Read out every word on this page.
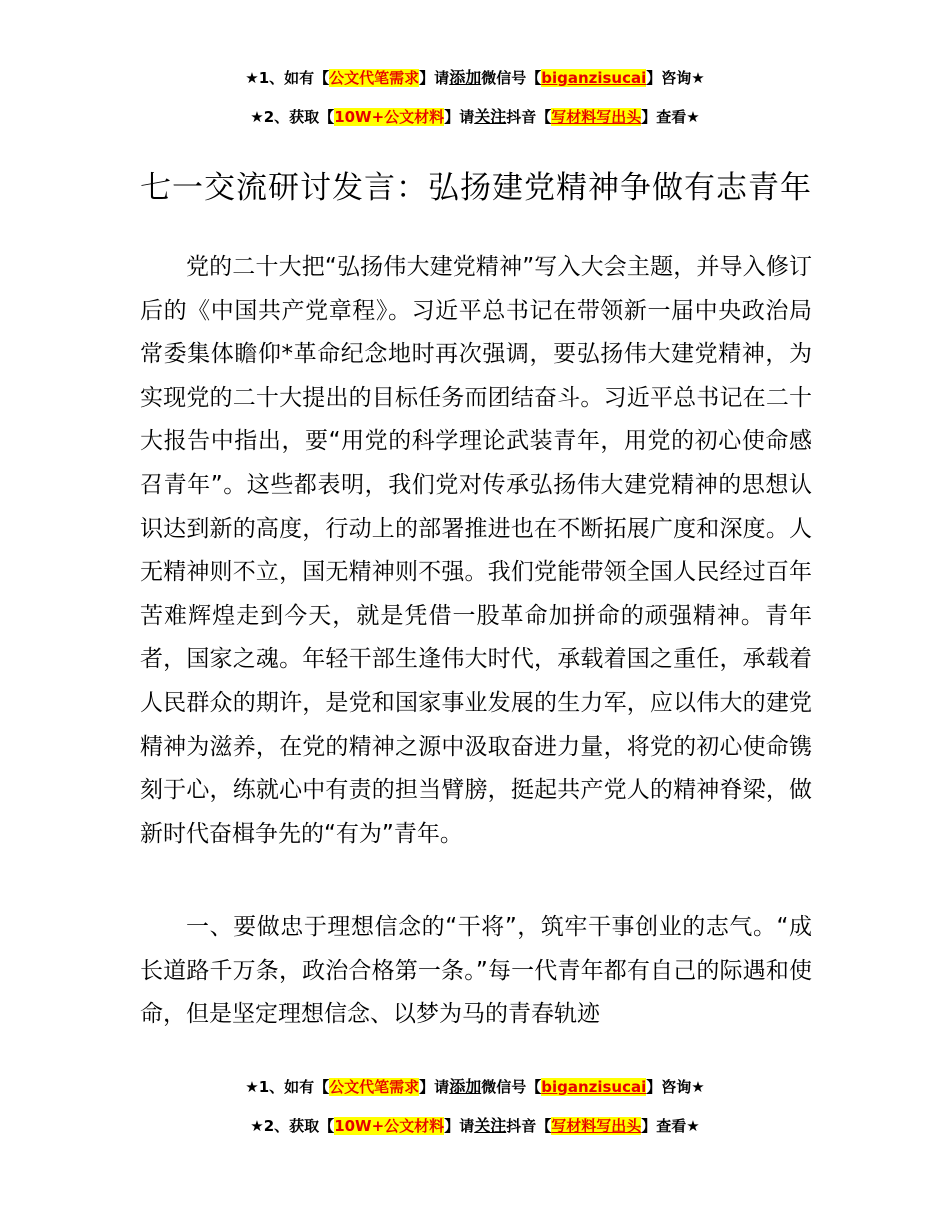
★1、如有【公文代笔需求】请添加微信号【biganzisucai】咨询★
★2、获取【10W+公文材料】请关注抖音【写材料写出头】查看★
七一交流研讨发言：弘扬建党精神争做有志青年

党的二十大把“弘扬伟大建党精神”写入大会主题，并导入修订后的《中国共产党章程》。习近平总书记在带领新一届中央政治局常委集体瞻仰*革命纪念地时再次强调，要弘扬伟大建党精神，为实现党的二十大提出的目标任务而团结奋斗。习近平总书记在二十大报告中指出，要“用党的科学理论武装青年，用党的初心使命感召青年”。这些都表明，我们党对传承弘扬伟大建党精神的思想认识达到新的高度，行动上的部署推进也在不断拓展广度和深度。人无精神则不立，国无精神则不强。我们党能带领全国人民经过百年苦难辉煌走到今天，就是凭借一股革命加拼命的顽强精神。青年者，国家之魂。年轻干部生逢伟大时代，承载着国之重任，承载着人民群众的期许，是党和国家事业发展的生力军，应以伟大的建党精神为滋养，在党的精神之源中汲取奋进力量，将党的初心使命镌刻于心，练就心中有责的担当臂膀，挺起共产党人的精神脊梁，做新时代奋楫争先的“有为”青年。

一、要做忠于理想信念的“干将”，筑牢干事创业的志气。“成长道路千万条，政治合格第一条。”每一代青年都有自己的际遇和使命，但是坚定理想信念、以梦为马的青春轨迹

★1、如有【公文代笔需求】请添加微信号【biganzisucai】咨询★
★2、获取【10W+公文材料】请关注抖音【写材料写出头】查看★
